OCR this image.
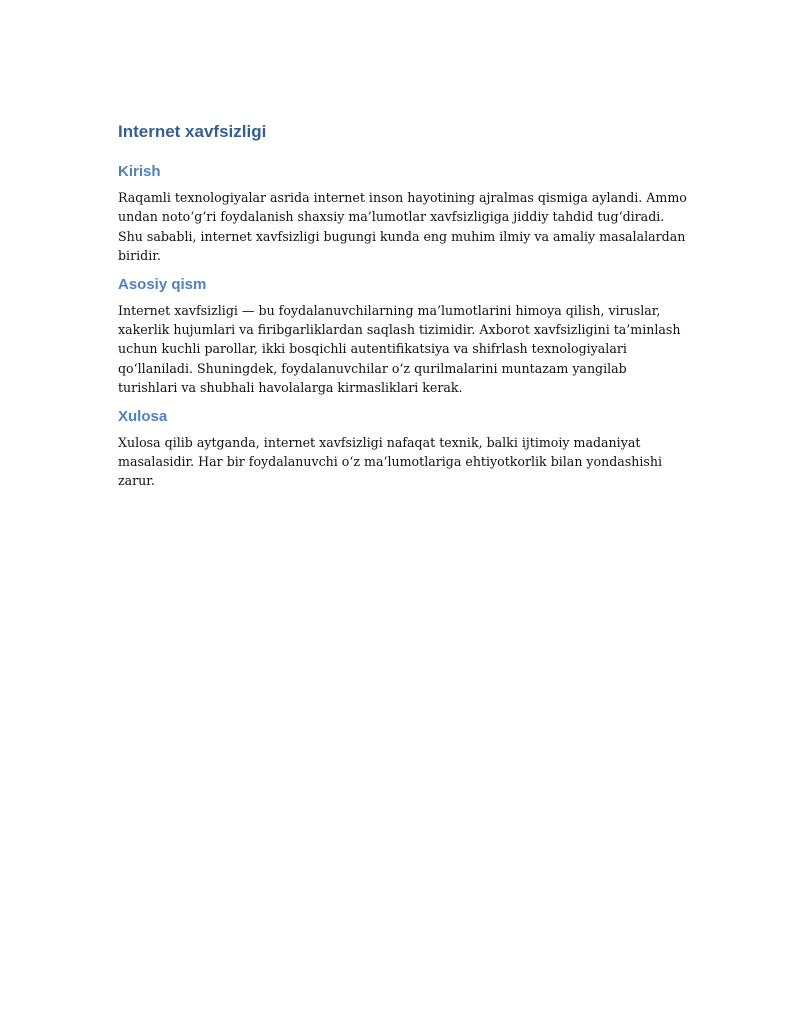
Internet xavfsizligi
Kirish

Raqamli texnologiyalar asrida internet inson hayotining ajralmas qismiga aylandi. Ammo undan noto‘g‘ri foydalanish shaxsiy ma’lumotlar xavfsizligiga jiddiy tahdid tug‘diradi. Shu sababli, internet xavfsizligi bugungi kunda eng muhim ilmiy va amaliy masalalardan biridir.

Asosiy qism

Internet xavfsizligi — bu foydalanuvchilarning ma’lumotlarini himoya qilish, viruslar, xakerlik hujumlari va firibgarliklardan saqlash tizimidir. Axborot xavfsizligini ta’minlash uchun kuchli parollar, ikki bosqichli autentifikatsiya va shifrlash texnologiyalari qo‘llaniladi. Shuningdek, foydalanuvchilar o‘z qurilmalarini muntazam yangilab turishlari va shubhali havolalarga kirmasliklari kerak.

Xulosa

Xulosa qilib aytganda, internet xavfsizligi nafaqat texnik, balki ijtimoiy madaniyat masalasidir. Har bir foydalanuvchi o‘z ma’lumotlariga ehtiyotkorlik bilan yondashishi zarur.
